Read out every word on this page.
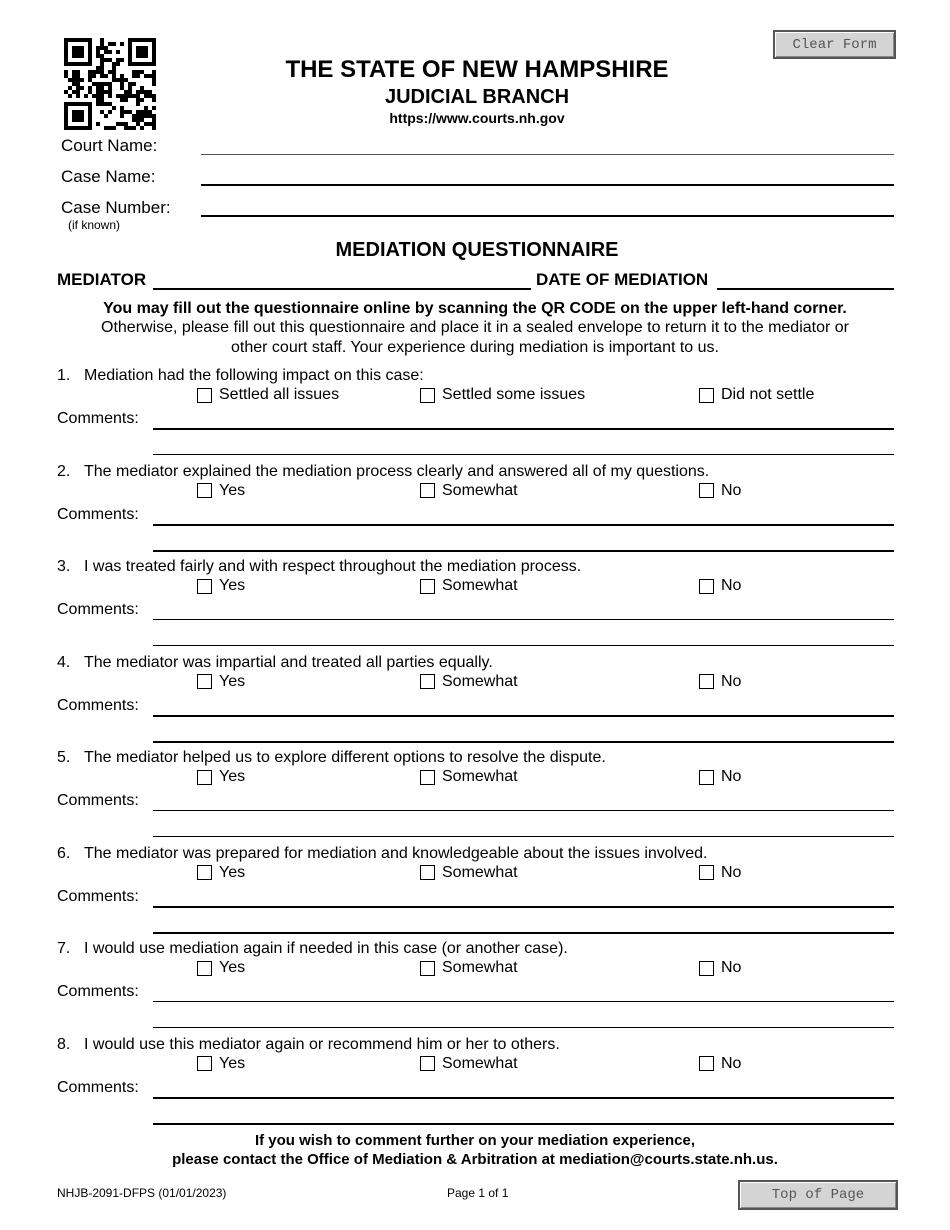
Clear Form
THE STATE OF NEW HAMPSHIRE
JUDICIAL BRANCH
https://www.courts.nh.gov
Court Name:
Case Name:
Case Number:
(if known)
MEDIATION QUESTIONNAIRE
MEDIATOR	DATE OF MEDIATION
You may fill out the questionnaire online by scanning the QR CODE on the upper left-hand corner.
Otherwise, please fill out this questionnaire and place it in a sealed envelope to return it to the mediator or
other court staff. Your experience during mediation is important to us.
1. Mediation had the following impact on this case:
Settled all issues	Settled some issues	Did not settle
Comments:
2. The mediator explained the mediation process clearly and answered all of my questions.
Yes	Somewhat	No
Comments:
3. I was treated fairly and with respect throughout the mediation process.
Yes	Somewhat	No
Comments:
4. The mediator was impartial and treated all parties equally.
Yes	Somewhat	No
Comments:
5. The mediator helped us to explore different options to resolve the dispute.
Yes	Somewhat	No
Comments:
6. The mediator was prepared for mediation and knowledgeable about the issues involved.
Yes	Somewhat	No
Comments:
7. I would use mediation again if needed in this case (or another case).
Yes	Somewhat	No
Comments:
8. I would use this mediator again or recommend him or her to others.
Yes	Somewhat	No
Comments:
If you wish to comment further on your mediation experience,
please contact the Office of Mediation & Arbitration at mediation@courts.state.nh.us.
NHJB-2091-DFPS (01/01/2023)	Page 1 of 1	Top of Page
